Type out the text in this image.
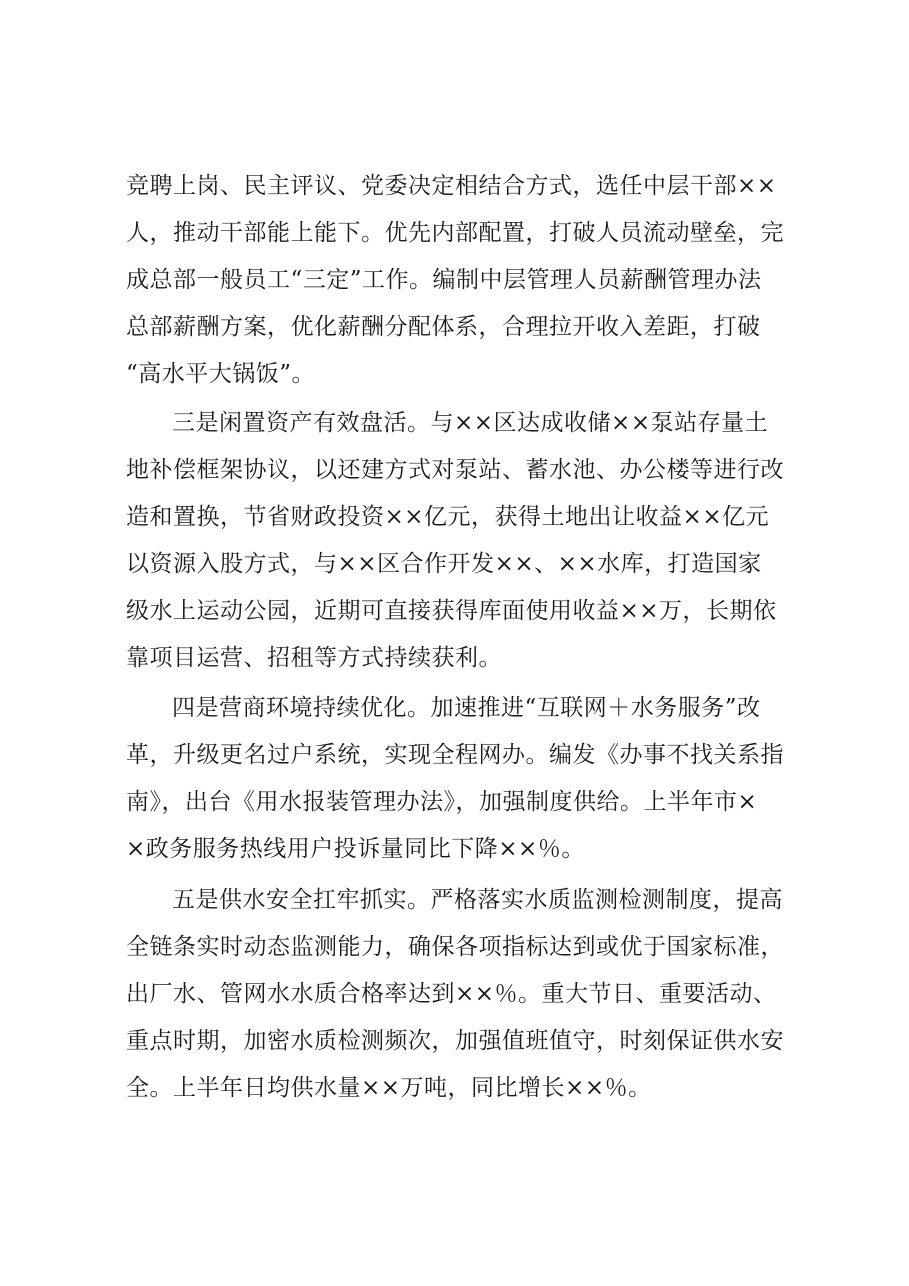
竞聘上岗、民主评议、党委决定相结合方式，选任中层干部××
人，推动干部能上能下。优先内部配置，打破人员流动壁垒，完
成总部一般员工“三定”工作。编制中层管理人员薪酬管理办法
总部薪酬方案，优化薪酬分配体系，合理拉开收入差距，打破
“高水平大锅饭”。
三是闲置资产有效盘活。与××区达成收储××泵站存量土
地补偿框架协议，以还建方式对泵站、蓄水池、办公楼等进行改
造和置换，节省财政投资××亿元，获得土地出让收益××亿元
以资源入股方式，与××区合作开发××、××水库，打造国家
级水上运动公园，近期可直接获得库面使用收益××万，长期依
靠项目运营、招租等方式持续获利。
四是营商环境持续优化。加速推进“互联网＋水务服务”改
革，升级更名过户系统，实现全程网办。编发《办事不找关系指
南》，出台《用水报装管理办法》，加强制度供给。上半年市×
×政务服务热线用户投诉量同比下降××％。
五是供水安全扛牢抓实。严格落实水质监测检测制度，提高
全链条实时动态监测能力，确保各项指标达到或优于国家标准，
出厂水、管网水水质合格率达到××％。重大节日、重要活动、
重点时期，加密水质检测频次，加强值班值守，时刻保证供水安
全。上半年日均供水量××万吨，同比增长××％。
